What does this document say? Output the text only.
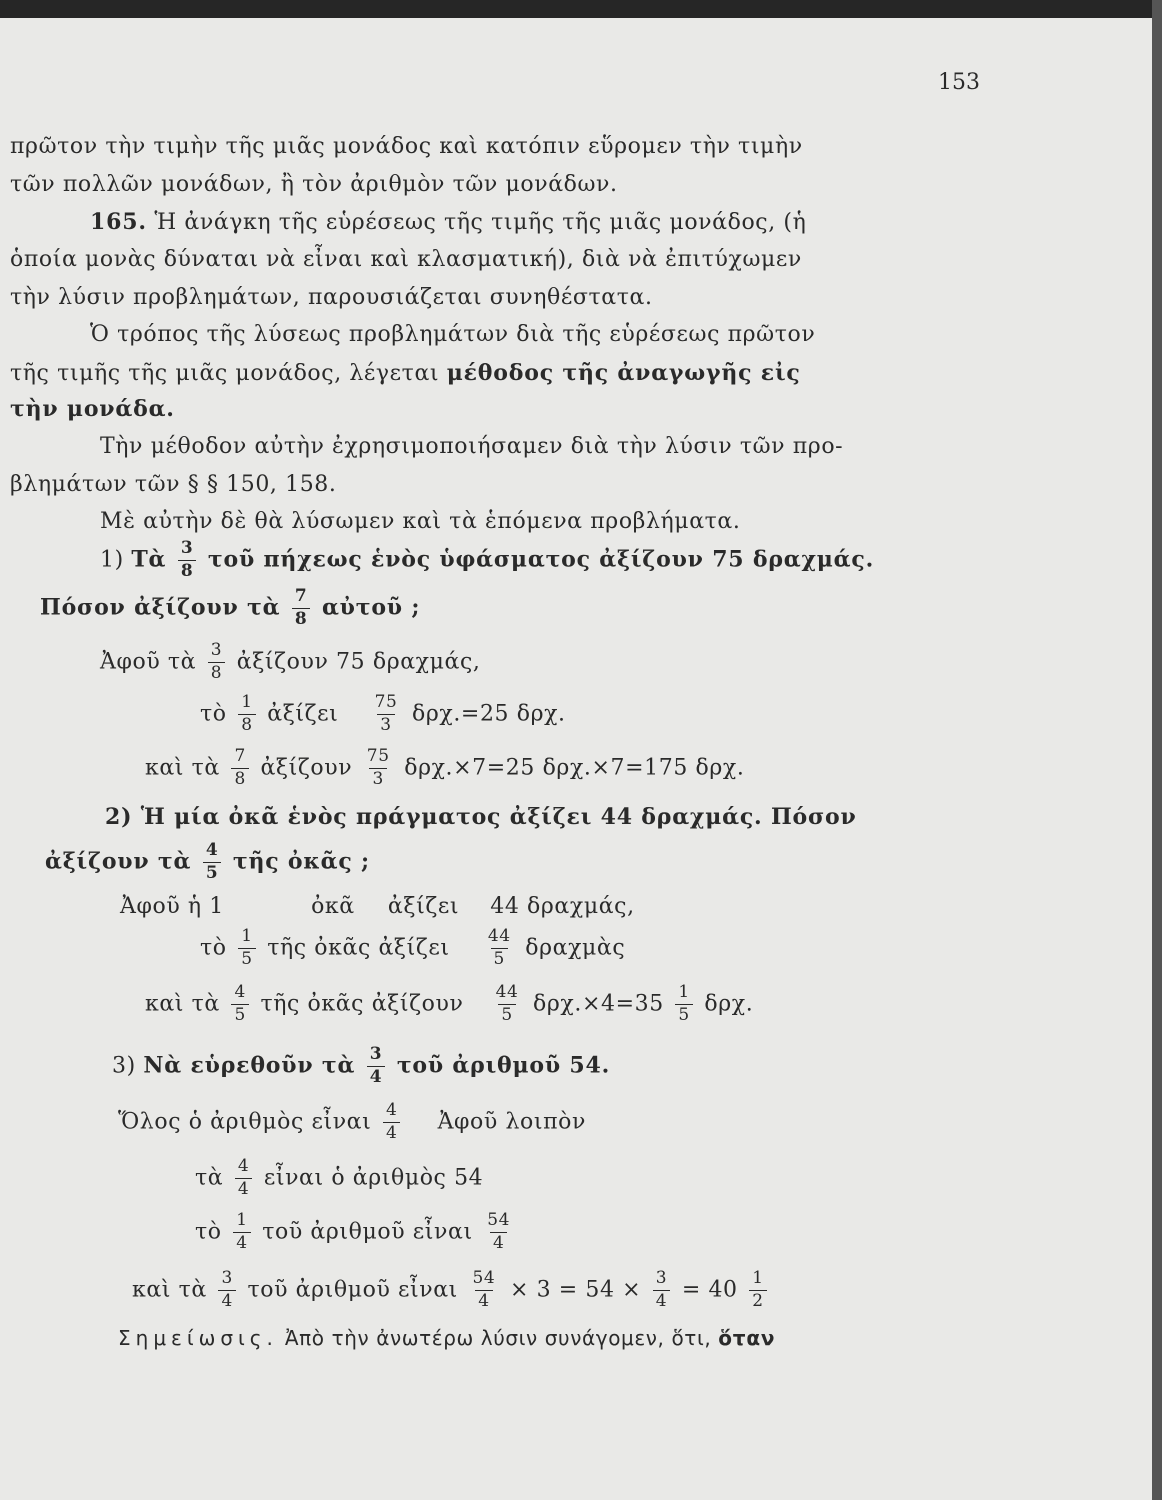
153
πρῶτον τὴν τιμὴν τῆς μιᾶς μονάδος καὶ κατόπιν εὕρομεν τὴν τιμὴν
τῶν πολλῶν μονάδων, ἢ τὸν ἀριθμὸν τῶν μονάδων.
165. Ἡ ἀνάγκη τῆς εὑρέσεως τῆς τιμῆς τῆς μιᾶς μονάδος, (ἡ
ὁποία μονὰς δύναται νὰ εἶναι καὶ κλασματική), διὰ νὰ ἐπιτύχωμεν
τὴν λύσιν προβλημάτων, παρουσιάζεται συνηθέστατα.
Ὁ τρόπος τῆς λύσεως προβλημάτων διὰ τῆς εὑρέσεως πρῶτον
τῆς τιμῆς τῆς μιᾶς μονάδος, λέγεται μέθοδος τῆς ἀναγωγῆς εἰς
τὴν μονάδα.
Τὴν μέθοδον αὐτὴν ἐχρησιμοποιήσαμεν διὰ τὴν λύσιν τῶν προ-
βλημάτων τῶν § § 150, 158.
Μὲ αὐτὴν δὲ θὰ λύσωμεν καὶ τὰ ἑπόμενα προβλήματα.
1) Τὰ $\frac{3}{8}$ τοῦ πήχεως ἑνὸς ὑφάσματος ἀξίζουν 75 δραχμάς.
Πόσον ἀξίζουν τὰ $\frac{7}{8}$ αὐτοῦ ;
Ἀφοῦ τὰ $\frac{3}{8}$ ἀξίζουν 75 δραχμάς,
τὸ $\frac{1}{8}$ ἀξίζει $\frac{75}{3} \delta\rho\chi.=25$ δρχ.
καὶ τὰ $\frac{7}{8}$ ἀξίζουν $\frac{75}{3} \delta\rho\chi.\times 7=25$ δρχ.×7=175 δρχ.
2) Ἡ μία ὀκᾶ ἑνὸς πράγματος ἀξίζει 44 δραχμάς. Πόσον
ἀξίζουν τὰ $\frac{4}{5}$ τῆς ὀκᾶς ;
Ἀφοῦ ἡ 1	ὀκᾶ ἀξίζει 44 δραχμάς,
τὸ $\frac{1}{5}$ τῆς ὀκᾶς ἀξίζει $\frac{44}{5}$ δραχμὰς
καὶ τὰ $\frac{4}{5}$ τῆς ὀκᾶς ἀξίζουν $\frac{44}{5} \delta\rho\chi.\times 4=35 \frac{1}{5} \delta\rho\chi$.
3) Νὰ εὑρεθοῦν τὰ $\frac{3}{4}$ τοῦ ἀριθμοῦ 54.
Ὅλος ὁ ἀριθμὸς εἶναι $\frac{4}{4}$ Ἀφοῦ λοιπὸν
τὰ $\frac{4}{4}$ εἶναι ὁ ἀριθμὸς 54
τὸ $\frac{1}{4}$ τοῦ ἀριθμοῦ εἶναι $\frac{54}{4}$
καὶ τὰ $\frac{3}{4}$ τοῦ ἀριθμοῦ εἶναι $\frac{54}{4} \times 3 = 54 \times \frac{3}{4} = 40 \frac{1}{2}$
Σημείωσις. Ἀπὸ τὴν ἀνωτέρω λύσιν συνάγομεν, ὅτι, ὅταν
